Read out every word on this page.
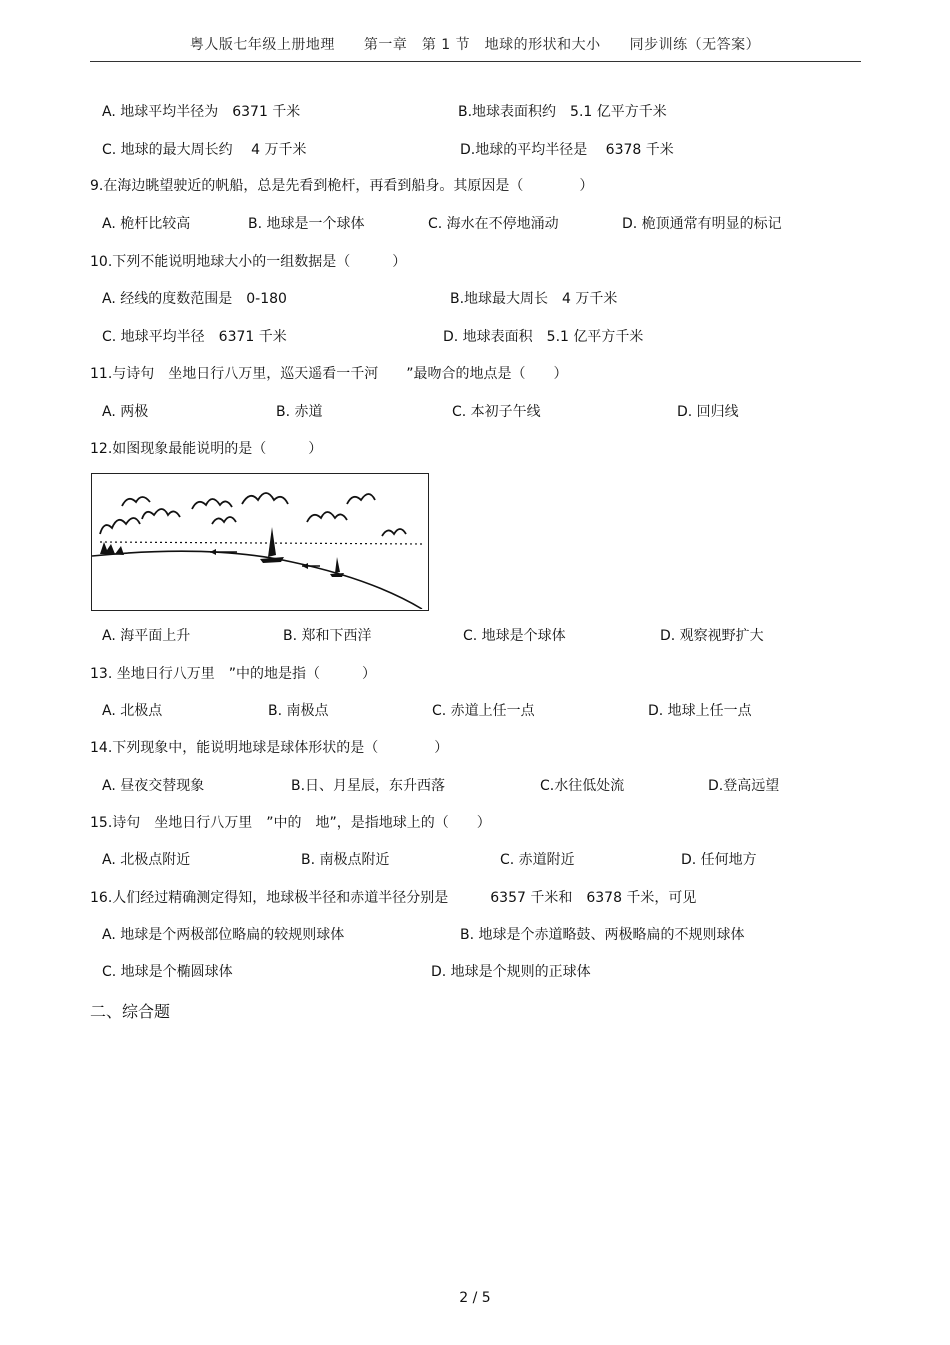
粤人版七年级上册地理　　第一章　第 1 节　地球的形状和大小　　同步训练（无答案）
A. 地球平均半径为　6371 千米	B.地球表面积约　5.1 亿平方千米
C. 地球的最大周长约　 4 万千米	D.地球的平均半径是　 6378 千米
9.在海边眺望驶近的帆船，总是先看到桅杆，再看到船身。其原因是（　　　　）
A. 桅杆比较高	B. 地球是一个球体	C. 海水在不停地涌动	D. 桅顶通常有明显的标记
10.下列不能说明地球大小的一组数据是（　　　）
A. 经线的度数范围是　0-180	B.地球最大周长　4 万千米
C. 地球平均半径　6371 千米	D. 地球表面积　5.1 亿平方千米
11.与诗句　坐地日行八万里，巡天遥看一千河　　”最吻合的地点是（　　）
A. 两极	B. 赤道	C. 本初子午线	D. 回归线
12.如图现象最能说明的是（　　　）
A. 海平面上升	B. 郑和下西洋	C. 地球是个球体	D. 观察视野扩大
13. 坐地日行八万里　”中的地是指（　　　）
A. 北极点	B. 南极点	C. 赤道上任一点	D. 地球上任一点
14.下列现象中，能说明地球是球体形状的是（　　　　）
A. 昼夜交替现象	B.日、月星辰，东升西落	C.水往低处流	D.登高远望
15.诗句　坐地日行八万里　”中的　地”，是指地球上的（　　）
A. 北极点附近	B. 南极点附近	C. 赤道附近	D. 任何地方
16.人们经过精确测定得知，地球极半径和赤道半径分别是　　　6357 千米和　6378 千米，可见
A. 地球是个两极部位略扁的较规则球体	B. 地球是个赤道略鼓、两极略扁的不规则球体
C. 地球是个椭圆球体	D. 地球是个规则的正球体
二、综合题
2 / 5
